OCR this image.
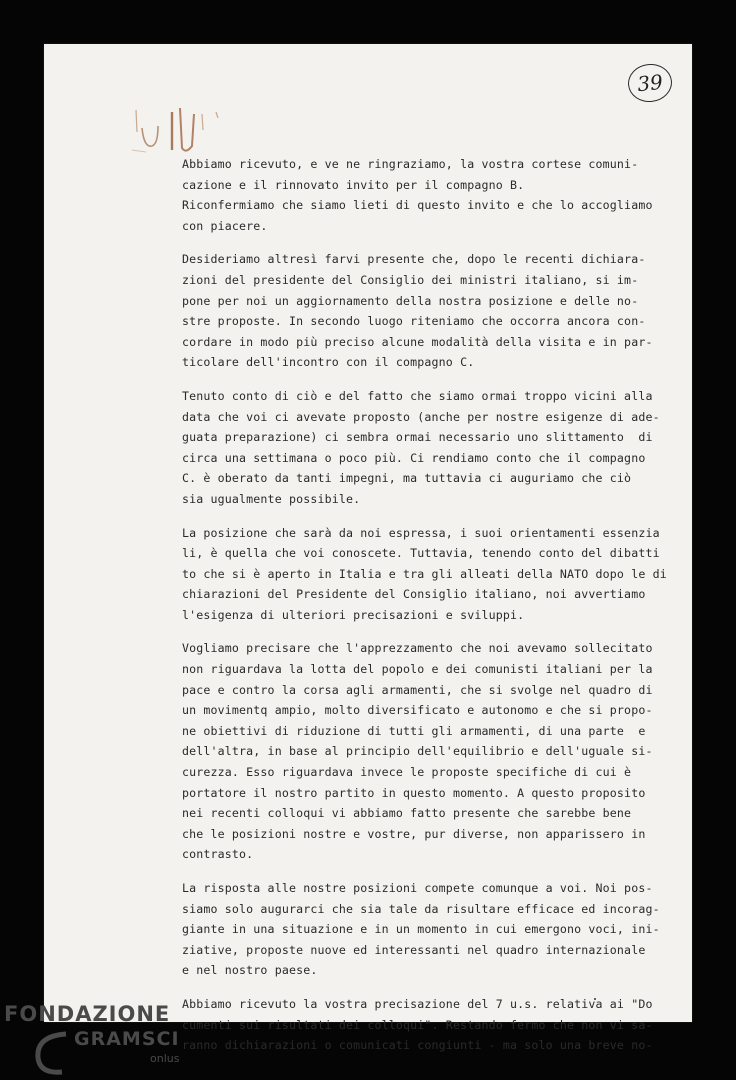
39
Abbiamo ricevuto, e ve ne ringraziamo, la vostra cortese comuni-
cazione e il rinnovato invito per il compagno B.
Riconfermiamo che siamo lieti di questo invito e che lo accogliamo
con piacere.
Desideriamo altresì farvi presente che, dopo le recenti dichiara-
zioni del presidente del Consiglio dei ministri italiano, si im-
pone per noi un aggiornamento della nostra posizione e delle no-
stre proposte. In secondo luogo riteniamo che occorra ancora con-
cordare in modo più preciso alcune modalità della visita e in par-
ticolare dell'incontro con il compagno C.
Tenuto conto di ciò e del fatto che siamo ormai troppo vicini alla
data che voi ci avevate proposto (anche per nostre esigenze di ade-
guata preparazione) ci sembra ormai necessario uno slittamento  di
circa una settimana o poco più. Ci rendiamo conto che il compagno
C. è oberato da tanti impegni, ma tuttavia ci auguriamo che ciò
sia ugualmente possibile.
La posizione che sarà da noi espressa, i suoi orientamenti essenzia
li, è quella che voi conoscete. Tuttavia, tenendo conto del dibatti
to che si è aperto in Italia e tra gli alleati della NATO dopo le di
chiarazioni del Presidente del Consiglio italiano, noi avvertiamo
l'esigenza di ulteriori precisazioni e sviluppi.
Vogliamo precisare che l'apprezzamento che noi avevamo sollecitato
non riguardava la lotta del popolo e dei comunisti italiani per la
pace e contro la corsa agli armamenti, che si svolge nel quadro di
un movimentq ampio, molto diversificato e autonomo e che si propo-
ne obiettivi di riduzione di tutti gli armamenti, di una parte  e
dell'altra, in base al principio dell'equilibrio e dell'uguale si-
curezza. Esso riguardava invece le proposte specifiche di cui è
portatore il nostro partito in questo momento. A questo proposito
nei recenti colloqui vi abbiamo fatto presente che sarebbe bene
che le posizioni nostre e vostre, pur diverse, non apparissero in
contrasto.
La risposta alle nostre posizioni compete comunque a voi. Noi pos-
siamo solo augurarci che sia tale da risultare efficace ed incorag-
giante in una situazione e in un momento in cui emergono voci, ini-
ziative, proposte nuove ed interessanti nel quadro internazionale
e nel nostro paese.
Abbiamo ricevuto la vostra precisazione del 7 u.s. relativa ai "Do
cumenti sui risultati dei colloqui". Restando fermo che non vi sa-
ranno dichiarazioni o comunicati congiunti - ma solo una breve no-
FONDAZIONE
GRAMSCI
onlus
